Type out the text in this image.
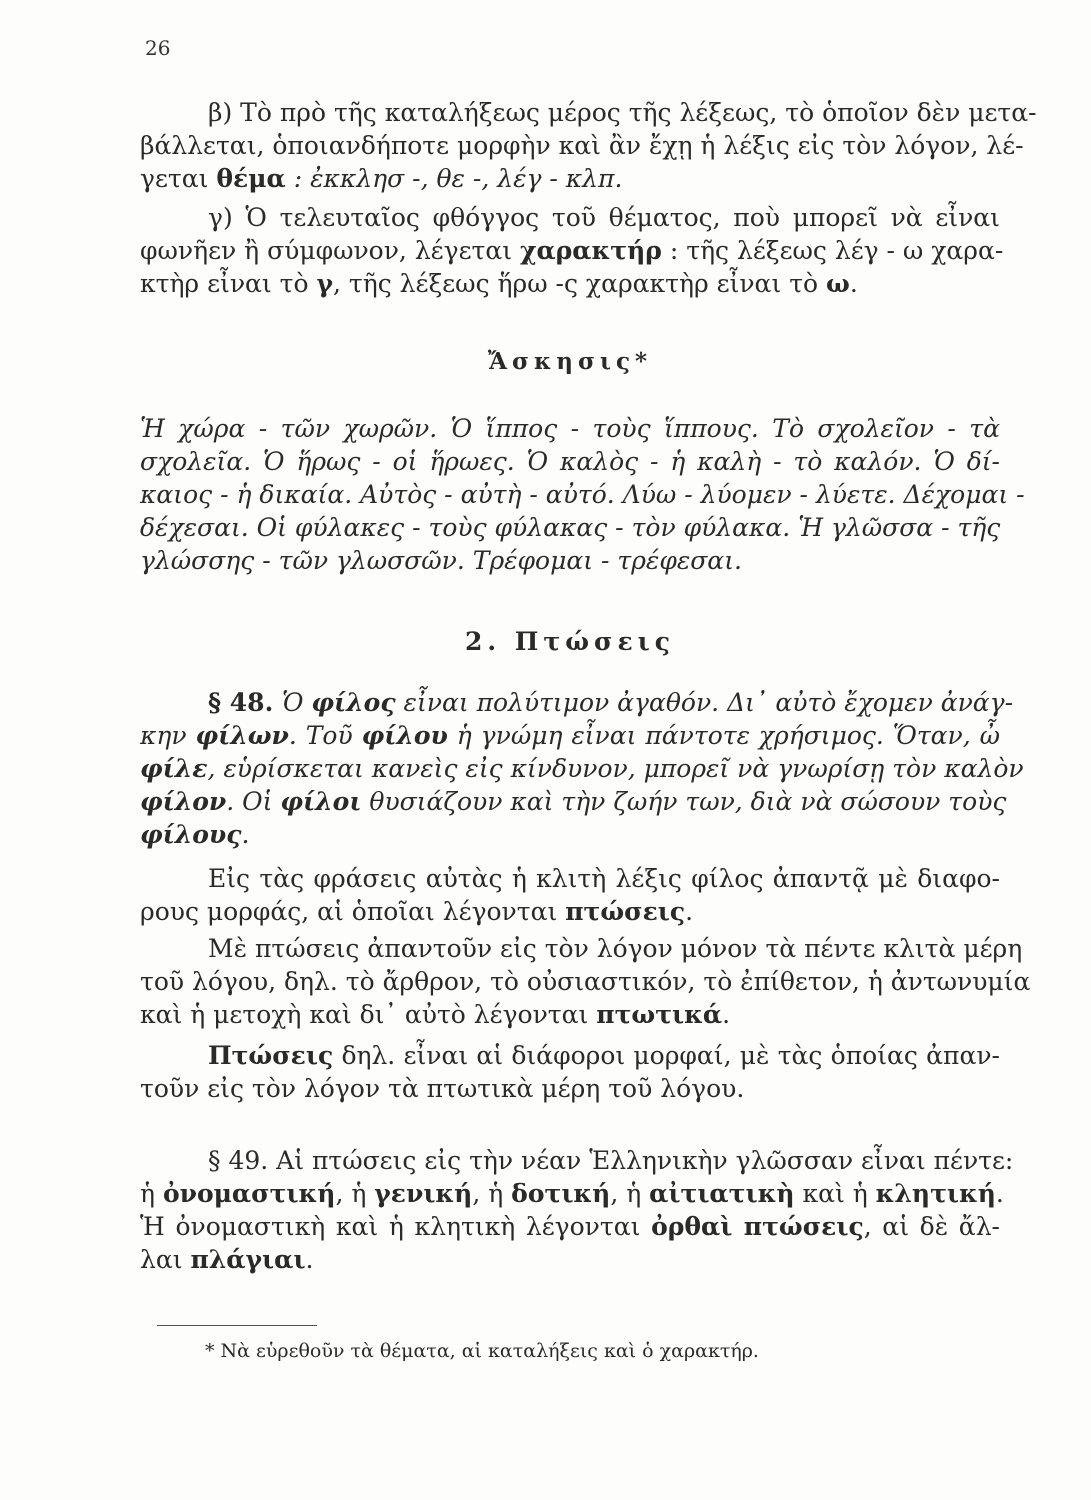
26
β) Τὸ πρὸ τῆς καταλήξεως μέρος τῆς λέξεως, τὸ ὁποῖον δὲν μετα-
βάλλεται, ὁποιανδήποτε μορφὴν καὶ ἂν ἔχῃ ἡ λέξις εἰς τὸν λόγον, λέ-
γεται θέμα : ἐκκλησ -, θε -, λέγ - κλπ.
γ) Ὁ τελευταῖος φθόγγος τοῦ θέματος, ποὺ μπορεῖ νὰ εἶναι
φωνῆεν ἢ σύμφωνον, λέγεται χαρακτήρ : τῆς λέξεως λέγ - ω χαρα-
κτὴρ εἶναι τὸ γ, τῆς λέξεως ἥρω -ς χαρακτὴρ εἶναι τὸ ω.
Ἄσκησις*
Ἡ χώρα - τῶν χωρῶν. Ὁ ἵππος - τοὺς ἵππους. Τὸ σχολεῖον - τὰ
σχολεῖα. Ὁ ἥρως - οἱ ἥρωες. Ὁ καλὸς - ἡ καλὴ - τὸ καλόν. Ὁ δί-
καιος - ἡ δικαία. Αὐτὸς - αὐτὴ - αὐτό. Λύω - λύομεν - λύετε. Δέχομαι -
δέχεσαι. Οἱ φύλακες - τοὺς φύλακας - τὸν φύλακα. Ἡ γλῶσσα - τῆς
γλώσσης - τῶν γλωσσῶν. Τρέφομαι - τρέφεσαι.
2. Πτώσεις
§ 48. Ὁ φίλος εἶναι πολύτιμον ἀγαθόν. Δι᾽ αὐτὸ ἔχομεν ἀνάγ-
κην φίλων. Τοῦ φίλου ἡ γνώμη εἶναι πάντοτε χρήσιμος. Ὅταν, ὦ
φίλε, εὑρίσκεται κανεὶς εἰς κίνδυνον, μπορεῖ νὰ γνωρίσῃ τὸν καλὸν
φίλον. Οἱ φίλοι θυσιάζουν καὶ τὴν ζωήν των, διὰ νὰ σώσουν τοὺς
φίλους.
Εἰς τὰς φράσεις αὐτὰς ἡ κλιτὴ λέξις φίλος ἀπαντᾷ μὲ διαφο-
ρους μορφάς, αἱ ὁποῖαι λέγονται πτώσεις.
Μὲ πτώσεις ἀπαντοῦν εἰς τὸν λόγον μόνον τὰ πέντε κλιτὰ μέρη
τοῦ λόγου, δηλ. τὸ ἄρθρον, τὸ οὐσιαστικόν, τὸ ἐπίθετον, ἡ ἀντωνυμία
καὶ ἡ μετοχὴ καὶ δι᾽ αὐτὸ λέγονται πτωτικά.
Πτώσεις δηλ. εἶναι αἱ διάφοροι μορφαί, μὲ τὰς ὁποίας ἀπαν-
τοῦν εἰς τὸν λόγον τὰ πτωτικὰ μέρη τοῦ λόγου.
§ 49. Αἱ πτώσεις εἰς τὴν νέαν Ἑλληνικὴν γλῶσσαν εἶναι πέντε:
ἡ ὀνομαστική, ἡ γενική, ἡ δοτική, ἡ αἰτιατικὴ καὶ ἡ κλητική.
Ἡ ὀνομαστικὴ καὶ ἡ κλητικὴ λέγονται ὀρθαὶ πτώσεις, αἱ δὲ ἄλ-
λαι πλάγιαι.
* Νὰ εὑρεθοῦν τὰ θέματα, αἱ καταλήξεις καὶ ὁ χαρακτήρ.
